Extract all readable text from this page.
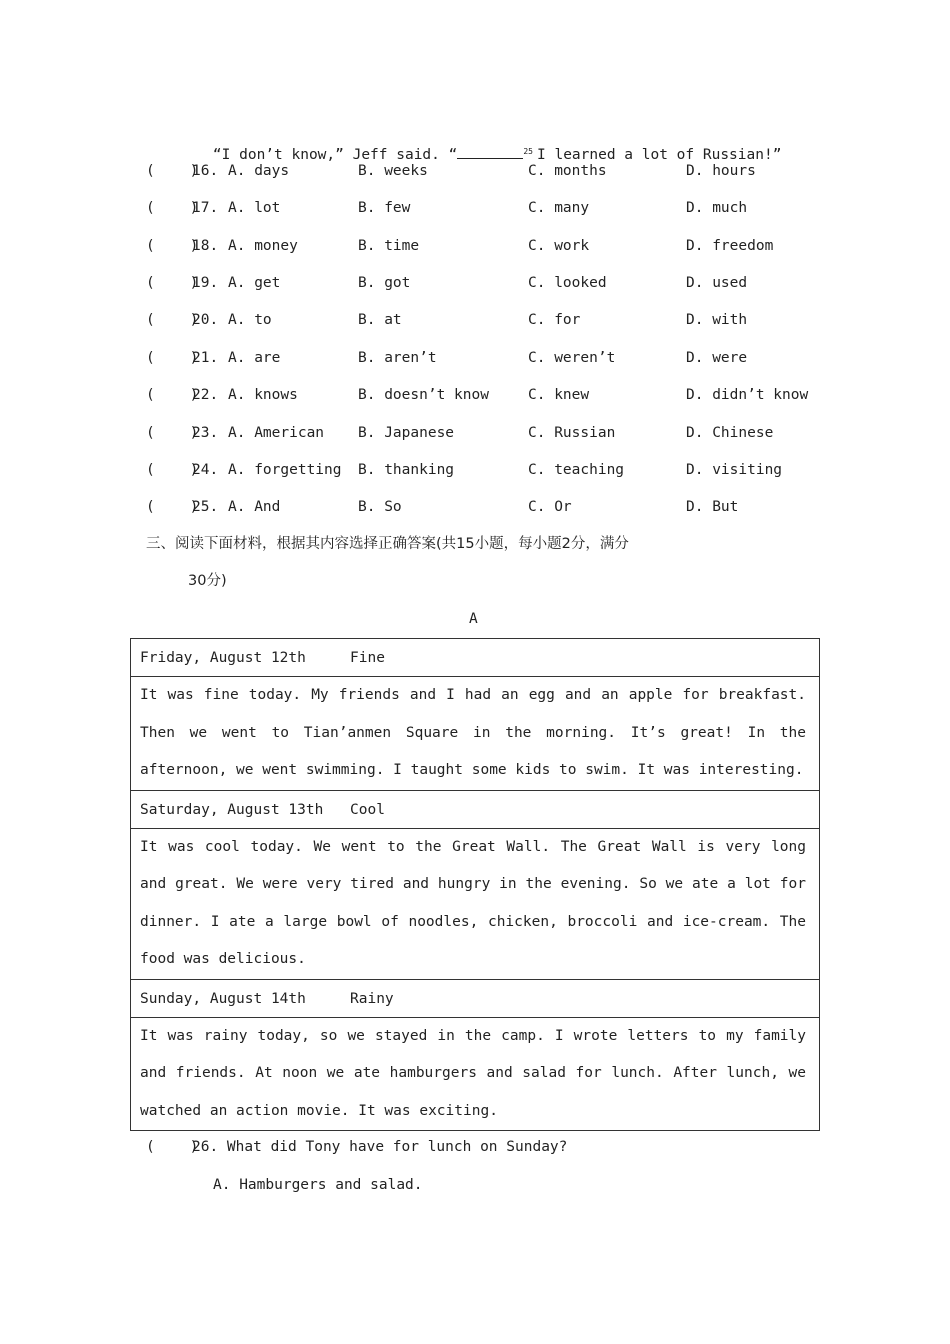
“I don’t know,” Jeff said. “	$^{25}$ I learned a lot of Russian!”

(    )
16. A. days	B. weeks	C. months	D. hours
(    )
17. A. lot	B. few	C. many	D. much
(    )
18. A. money	B. time	C. work	D. freedom
(    )
19. A. get	B. got	C. looked	D. used
(    )
20. A. to	B. at	C. for	D. with
(    )
21. A. are	B. aren’t	C. weren’t	D. were
(    )
22. A. knows	B. doesn’t know	C. knew	D. didn’t know
(    )
23. A. American B. Japanese	C. Russian	D. Chinese
(    )
24. A. forgetting B. thanking	C. teaching	D. visiting
(    )
25. A. And	B. So	C. Or	D. But
三、阅读下面材料，根据其内容选择正确答案(共15小题，每小题2分，满分
30分)
A
Friday, August 12th	Fine

It was fine today. My friends and I had an egg and an apple for breakfast. Then we went to Tian’anmen Square in the morning. It’s great! In the afternoon, we went swimming. I taught some kids to swim. It was interesting.

Saturday, August 13th Cool

It was cool today. We went to the Great Wall. The Great Wall is very long and great. We were very tired and hungry in the evening. So we ate a lot for dinner. I ate a large bowl of noodles, chicken, broccoli and ice-cream. The food was delicious.

Sunday, August 14th	Rainy

It was rainy today, so we stayed in the camp. I wrote letters to my family and friends. At noon we ate hamburgers and salad for lunch. After lunch, we watched an action movie. It was exciting.

(    )
26. What did Tony have for lunch on Sunday?
A. Hamburgers and salad.
